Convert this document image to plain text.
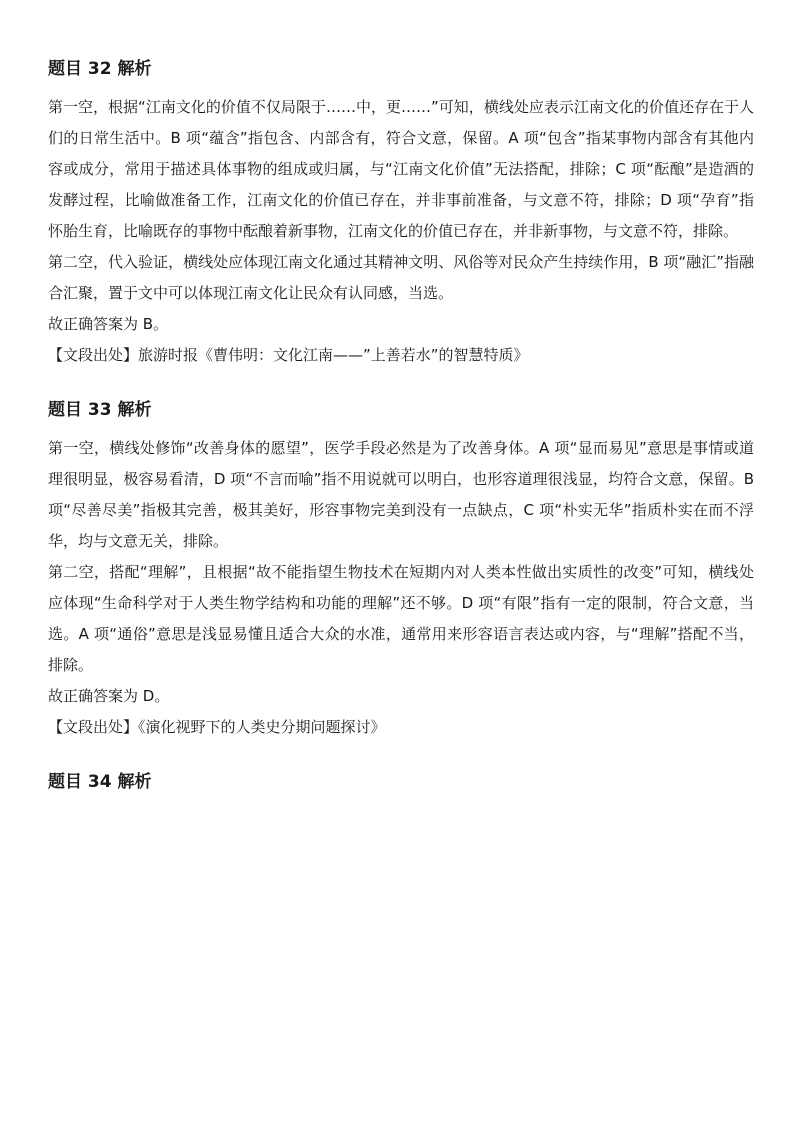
题目 32 解析

第一空，根据“江南文化的价值不仅局限于……中，更……”可知，横线处应表示江南文化的价值还存在于人们的日常生活中。B 项“蕴含”指包含、内部含有，符合文意，保留。A 项“包含”指某事物内部含有其他内容或成分，常用于描述具体事物的组成或归属，与“江南文化价值”无法搭配，排除；C 项“酝酿”是造酒的发酵过程，比喻做准备工作，江南文化的价值已存在，并非事前准备，与文意不符，排除；D 项“孕育”指怀胎生育，比喻既存的事物中酝酿着新事物，江南文化的价值已存在，并非新事物，与文意不符，排除。

第二空，代入验证，横线处应体现江南文化通过其精神文明、风俗等对民众产生持续作用，B 项“融汇”指融合汇聚，置于文中可以体现江南文化让民众有认同感，当选。

故正确答案为 B。

【文段出处】旅游时报《曹伟明：文化江南——”上善若水”的智慧特质》

题目 33 解析

第一空，横线处修饰“改善身体的愿望”，医学手段必然是为了改善身体。A 项“显而易见”意思是事情或道理很明显，极容易看清，D 项“不言而喻”指不用说就可以明白，也形容道理很浅显，均符合文意，保留。B 项“尽善尽美”指极其完善，极其美好，形容事物完美到没有一点缺点，C 项“朴实无华”指质朴实在而不浮华，均与文意无关，排除。

第二空，搭配“理解”，且根据“故不能指望生物技术在短期内对人类本性做出实质性的改变”可知，横线处应体现“生命科学对于人类生物学结构和功能的理解”还不够。D 项“有限”指有一定的限制，符合文意，当选。A 项“通俗”意思是浅显易懂且适合大众的水准，通常用来形容语言表达或内容，与“理解”搭配不当，排除。

故正确答案为 D。

【文段出处】《演化视野下的人类史分期问题探讨》

题目 34 解析
